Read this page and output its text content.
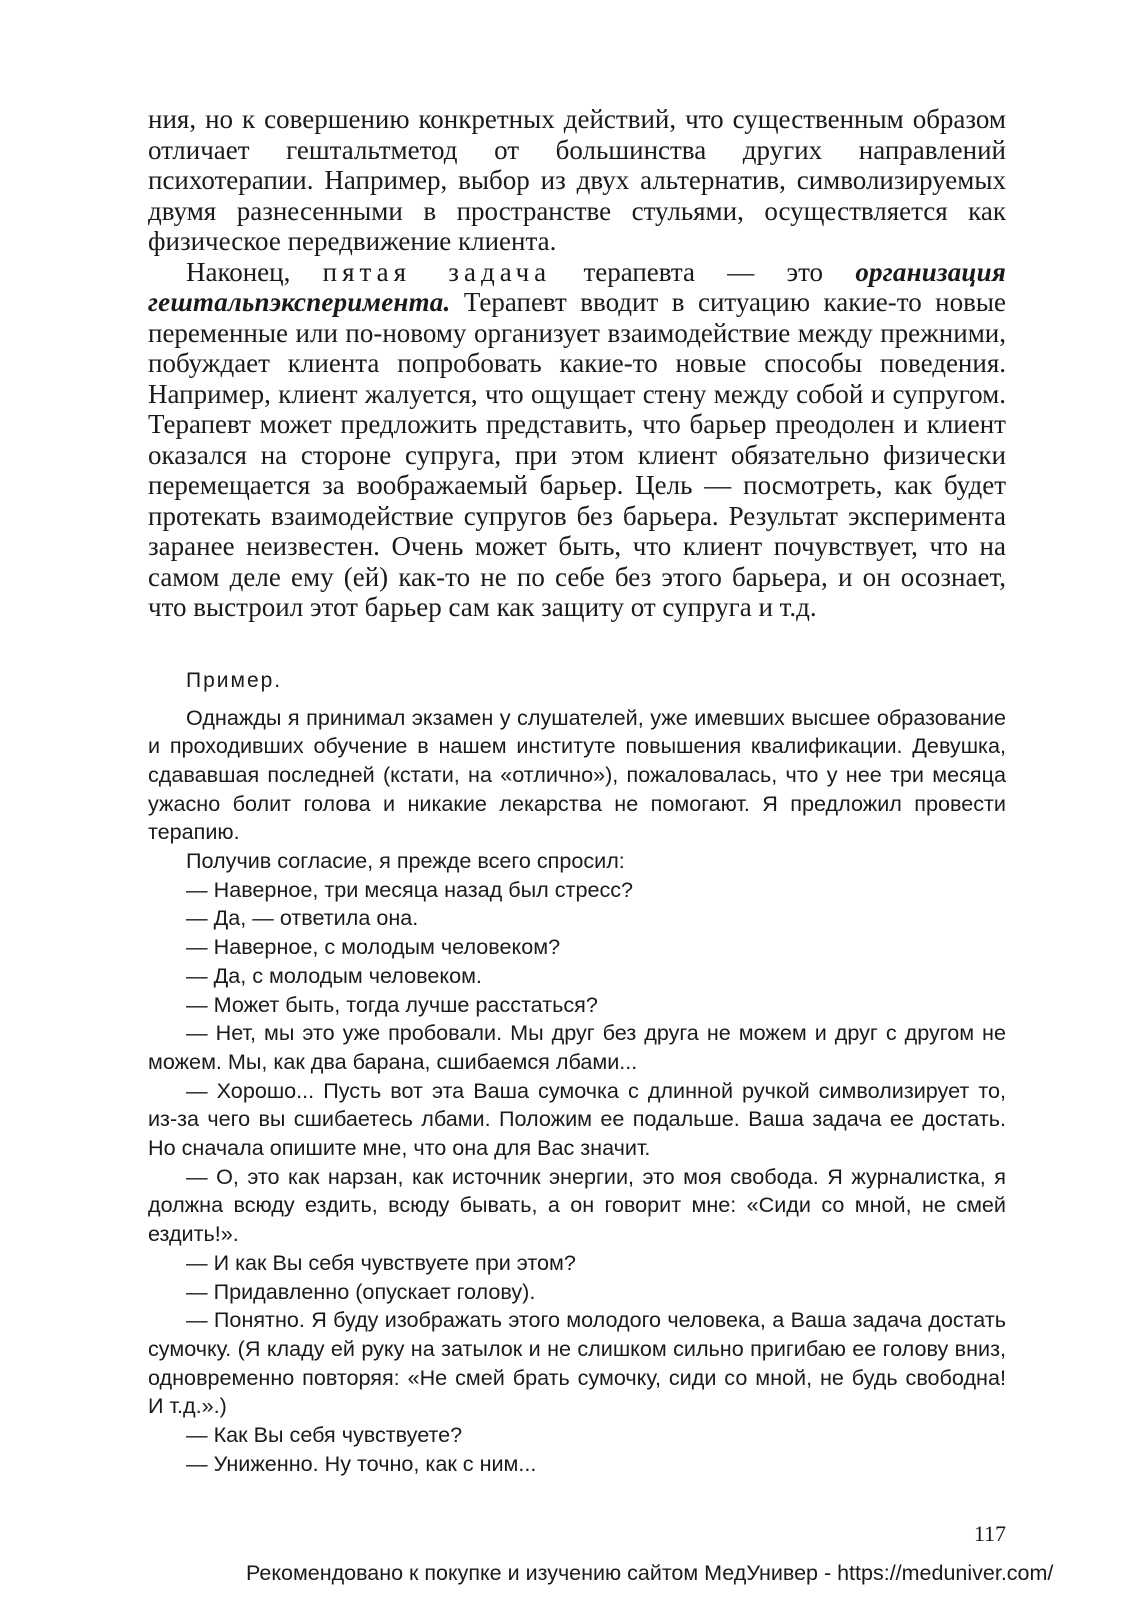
ния, но к совершению конкретных действий, что существенным образом отличает гештальтметод от большинства других направлений психотерапии. Например, выбор из двух альтернатив, символизируемых двумя разнесенными в пространстве стульями, осуществляется как физическое передвижение клиента.

Наконец, пятая задача терапевта — это организация гештальпэксперимента. Терапевт вводит в ситуацию какие-то новые переменные или по-новому организует взаимодействие между прежними, побуждает клиента попробовать какие-то новые способы поведения. Например, клиент жалуется, что ощущает стену между собой и супругом. Терапевт может предложить представить, что барьер преодолен и клиент оказался на стороне супруга, при этом клиент обязательно физически перемещается за воображаемый барьер. Цель — посмотреть, как будет протекать взаимодействие супругов без барьера. Результат эксперимента заранее неизвестен. Очень может быть, что клиент почувствует, что на самом деле ему (ей) как-то не по себе без этого барьера, и он осознает, что выстроил этот барьер сам как защиту от супруга и т.д.

Пример.

Однажды я принимал экзамен у слушателей, уже имевших высшее образование и проходивших обучение в нашем институте повышения квалификации. Девушка, сдававшая последней (кстати, на «отлично»), пожаловалась, что у нее три месяца ужасно болит голова и никакие лекарства не помогают. Я предложил провести терапию.

Получив согласие, я прежде всего спросил:

— Наверное, три месяца назад был стресс?

— Да, — ответила она.

— Наверное, с молодым человеком?

— Да, с молодым человеком.

— Может быть, тогда лучше расстаться?

— Нет, мы это уже пробовали. Мы друг без друга не можем и друг с другом не можем. Мы, как два барана, сшибаемся лбами...

— Хорошо... Пусть вот эта Ваша сумочка с длинной ручкой символизирует то, из-за чего вы сшибаетесь лбами. Положим ее подальше. Ваша задача ее достать. Но сначала опишите мне, что она для Вас значит.

— О, это как нарзан, как источник энергии, это моя свобода. Я журналистка, я должна всюду ездить, всюду бывать, а он говорит мне: «Сиди со мной, не смей ездить!».

— И как Вы себя чувствуете при этом?

— Придавленно (опускает голову).

— Понятно. Я буду изображать этого молодого человека, а Ваша задача достать сумочку. (Я кладу ей руку на затылок и не слишком сильно пригибаю ее голову вниз, одновременно повторяя: «Не смей брать сумочку, сиди со мной, не будь свободна! И т.д.».)

— Как Вы себя чувствуете?

— Униженно. Ну точно, как с ним...

117
Рекомендовано к покупке и изучению сайтом МедУнивер - https://meduniver.com/
